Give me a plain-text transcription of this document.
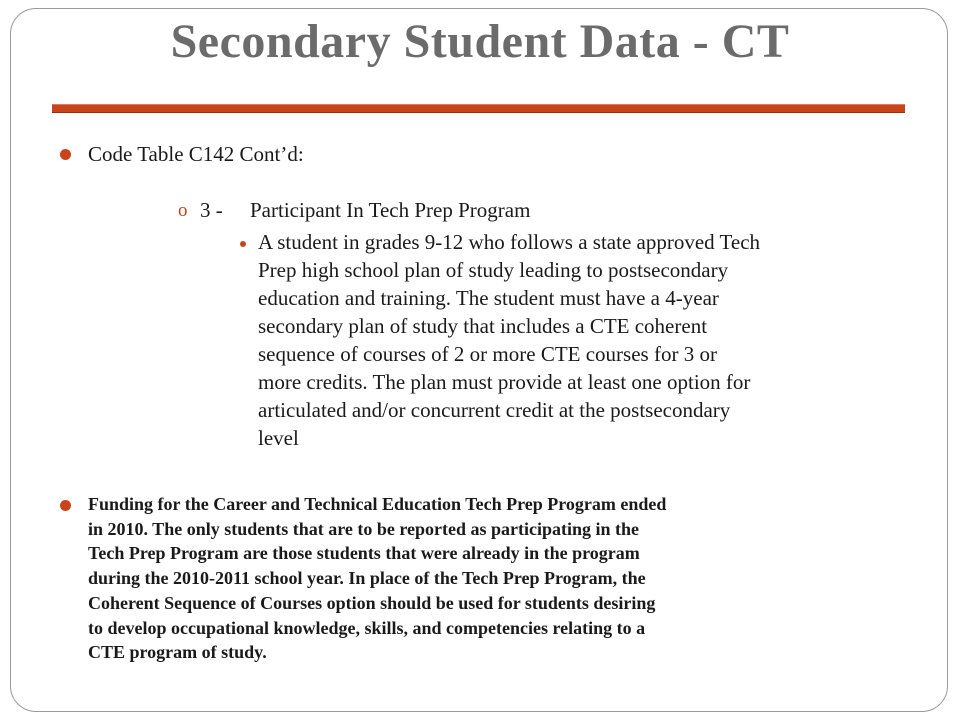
Secondary Student Data - CT
Code Table C142 Cont’d:
o 3 - Participant In Tech Prep Program
A student in grades 9-12 who follows a state approved Tech
Prep high school plan of study leading to postsecondary
education and training. The student must have a 4-year
secondary plan of study that includes a CTE coherent
sequence of courses of 2 or more CTE courses for 3 or
more credits. The plan must provide at least one option for
articulated and/or concurrent credit at the postsecondary
level
Funding for the Career and Technical Education Tech Prep Program ended
in 2010. The only students that are to be reported as participating in the
Tech Prep Program are those students that were already in the program
during the 2010-2011 school year. In place of the Tech Prep Program, the
Coherent Sequence of Courses option should be used for students desiring
to develop occupational knowledge, skills, and competencies relating to a
CTE program of study.
